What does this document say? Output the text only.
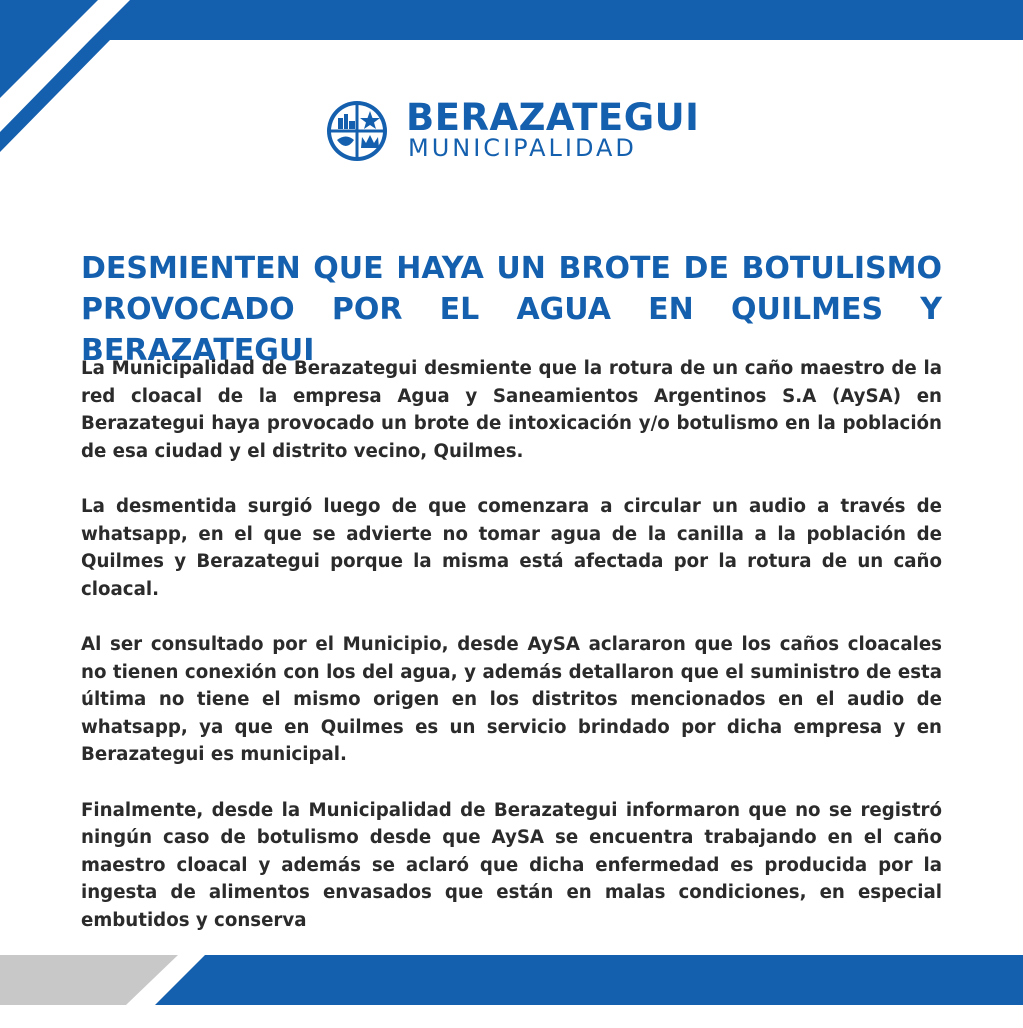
BERAZATEGUI
MUNICIPALIDAD
DESMIENTEN QUE HAYA UN BROTE DE BOTULISMO PROVOCADO POR EL AGUA EN QUILMES Y BERAZATEGUI

La Municipalidad de Berazategui desmiente que la rotura de un caño maestro de la red cloacal de la empresa Agua y Saneamientos Argentinos S.A (AySA) en Berazategui haya provocado un brote de intoxicación y/o botulismo en la población de esa ciudad y el distrito vecino, Quilmes.

La desmentida surgió luego de que comenzara a circular un audio a través de whatsapp, en el que se advierte no tomar agua de la canilla a la población de Quilmes y Berazategui porque la misma está afectada por la rotura de un caño cloacal.

Al ser consultado por el Municipio, desde AySA aclararon que los caños cloacales no tienen conexión con los del agua, y además detallaron que el suministro de esta última no tiene el mismo origen en los distritos mencionados en el audio de whatsapp, ya que en Quilmes es un servicio brindado por dicha empresa y en Berazategui es municipal.

Finalmente, desde la Municipalidad de Berazategui informaron que no se registró ningún caso de botulismo desde que AySA se encuentra trabajando en el caño maestro cloacal y además se aclaró que dicha enfermedad es producida por la ingesta de alimentos envasados que están en malas condiciones, en especial embutidos y conserva
